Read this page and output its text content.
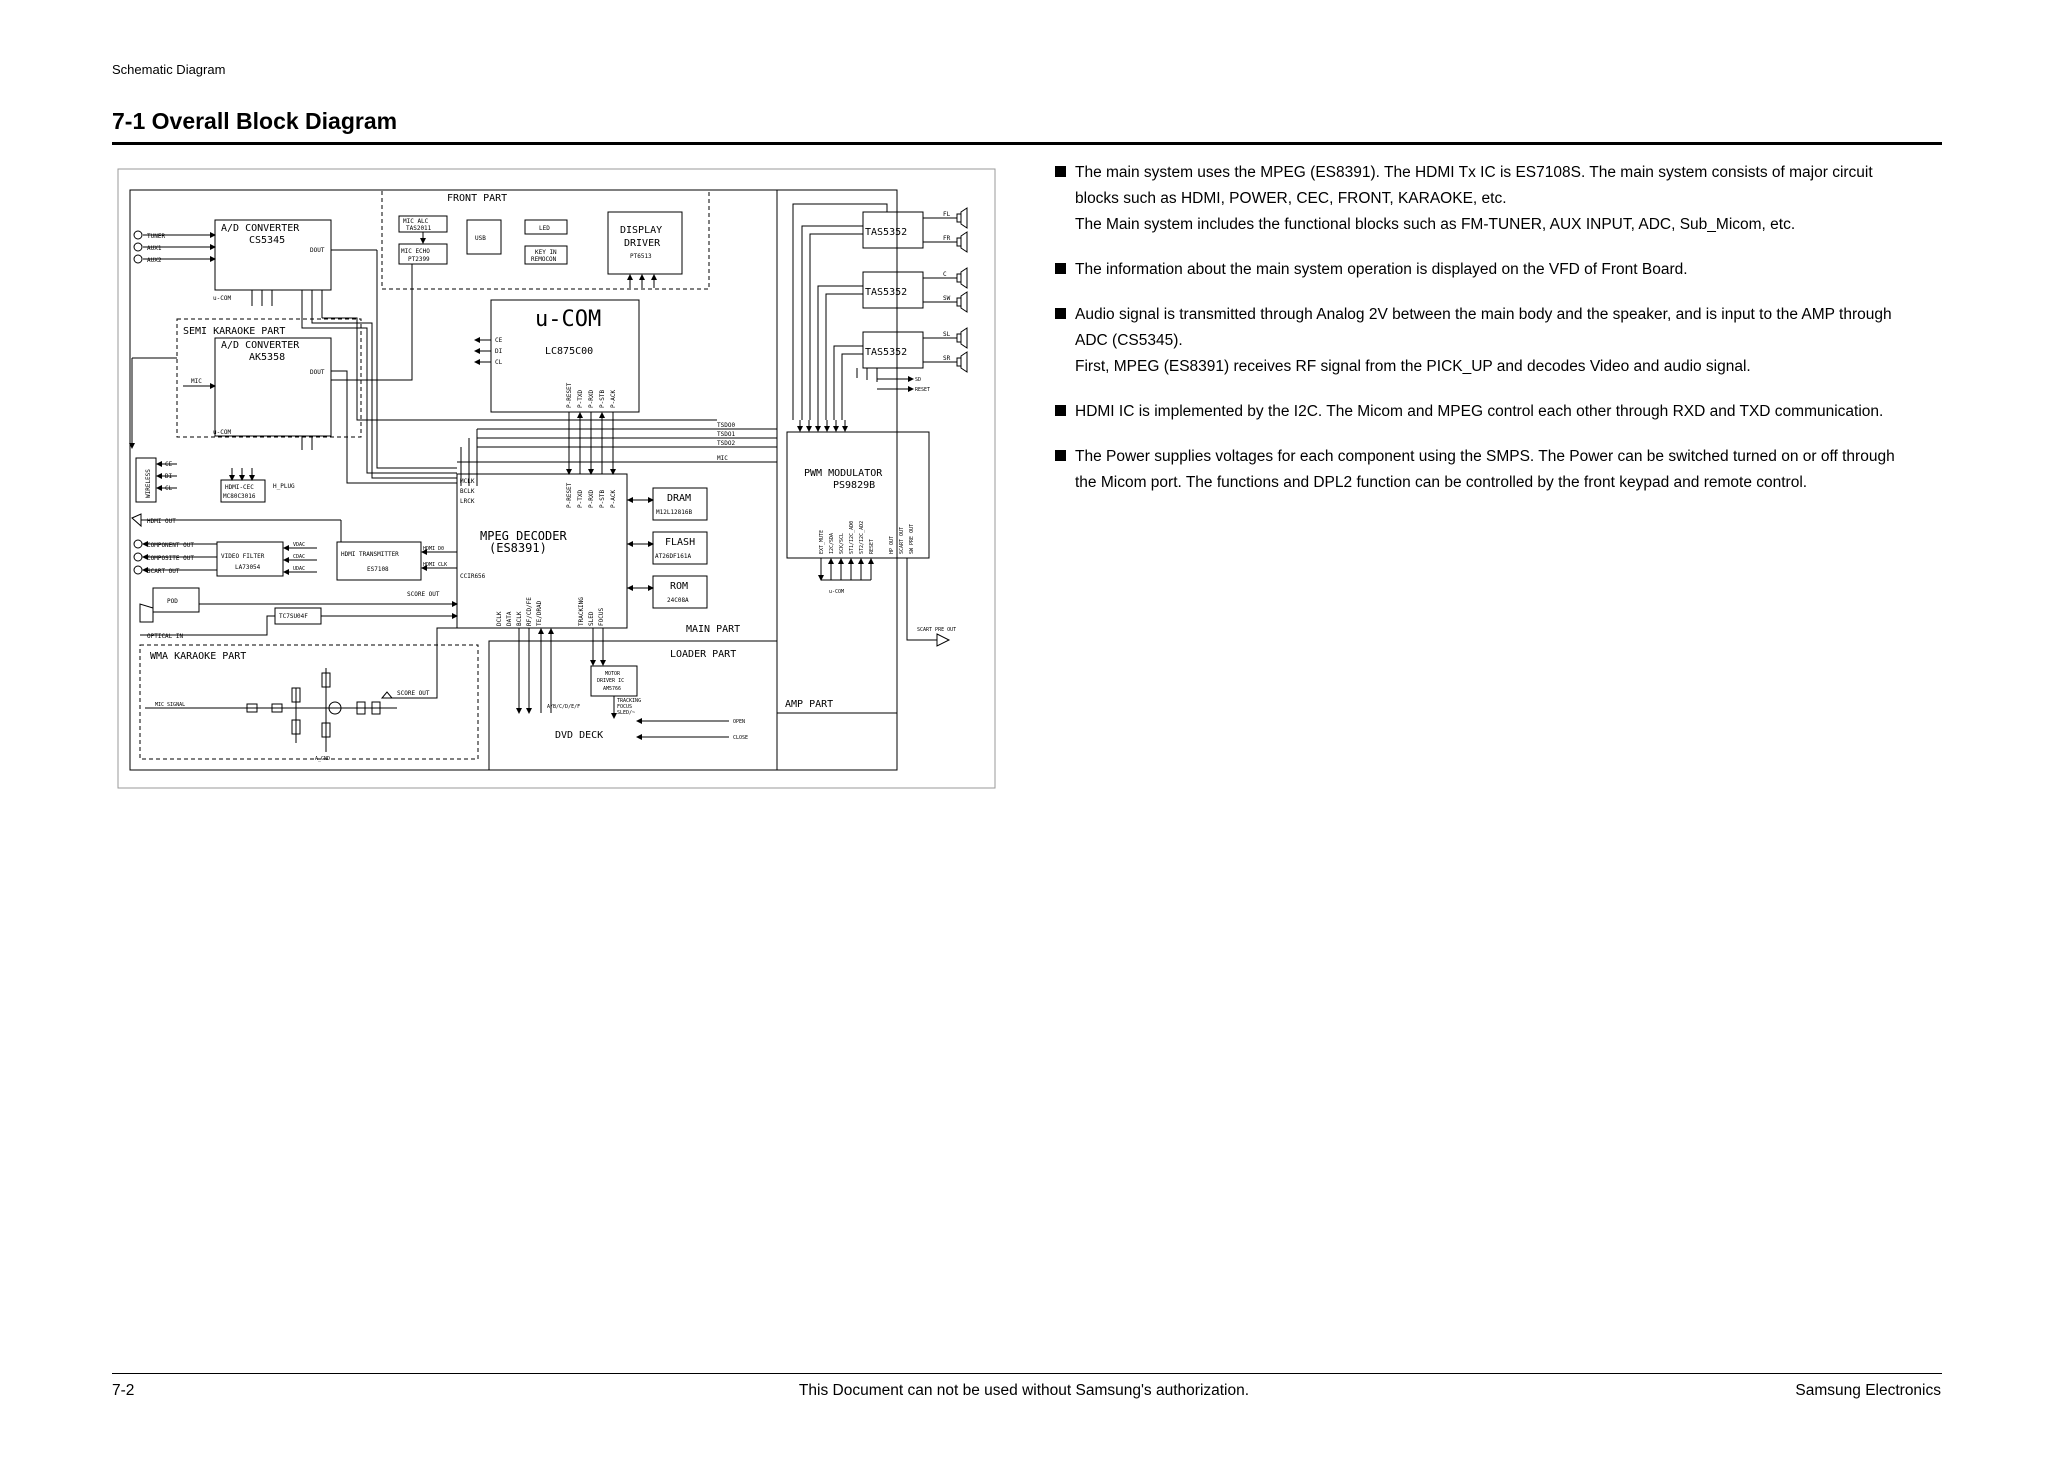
Schematic Diagram
7-1 Overall Block Diagram
FRONT PART
SEMI KARAOKE PART
WMA KARAOKE PART
MAIN PART
LOADER PART
AMP PART
DVD DECK
TUNER
AUX1
AUX2
A/D CONVERTER
CS5345
DOUT
u-COM
A/D CONVERTER
AK5358
DOUT
MIC
u-COM
MIC ALC
TAS2011
MIC ECHO
PT2399
USB
LED
KEY IN
REMOCON
DISPLAY
DRIVER
PT6513
u-COM
LC875C00
CE
DI
CL
P-RESET P-TXD P-RXD P-STB P-ACK
TSDO0
TSDO1
TSDO2
MIC
MPEG DECODER
(ES8391)
MCLK
BCLK
LRCK
CCIR656
P-RESET P-TXD P-RXD P-STB P-ACK
DCLK DATA BCLK RF/CD/FE TE/DRAD	TRACKING SLED FOCUS
DRAM
M12L12816B
FLASH
AT26DF161A
ROM
24C08A
WIRELESS
CE
DI
CL	HDMI-CEC
MC80C3016
H_PLUG
HDMI OUT
COMPONENT OUT
COMPOSITE OUT
SCART OUT
VIDEO FILTER
LA73054
VDAC
CDAC
UDAC
HDMI TRANSMITTER
ES7108
HDMI D0
HDMI CLK
POD
TC7SU04F
OPTICAL IN
SCORE OUT
MIC SIGNAL
SCORE OUT
A_GND
MOTOR
DRIVER IC
AM5766
TRACKING
FOCUS
SLED/~
A/B/C/D/E/F
OPEN
CLOSE
TAS5352
TAS5352
TAS5352
FL
FR
C
SW
SL
SR
SD
RESET
PWM MODULATOR
PS9829B
EXT_MUTE I2C/SDA SCK/SCL ST1/I2C_AD0 ST2/I2C_AD2 RESET	HP OUT SCART OUT SW PRE OUT
u-COM
SCART PRE OUT
The main system uses the MPEG (ES8391). The HDMI Tx IC is ES7108S. The main system consists of major circuit
blocks such as HDMI, POWER, CEC, FRONT, KARAOKE, etc.
The Main system includes the functional blocks such as FM-TUNER, AUX INPUT, ADC, Sub_Micom, etc.
The information about the main system operation is displayed on the VFD of Front Board.
Audio signal is transmitted through Analog 2V between the main body and the speaker, and is input to the AMP through
ADC (CS5345).
First, MPEG (ES8391) receives RF signal from the PICK_UP and decodes Video and audio signal.
HDMI IC is implemented by the I2C. The Micom and MPEG control each other through RXD and TXD communication.
The Power supplies voltages for each component using the SMPS. The Power can be switched turned on or off through
the Micom port. The functions and DPL2 function can be controlled by the front keypad and remote control.
7-2	This Document can not be used without Samsung's authorization.	Samsung Electronics
